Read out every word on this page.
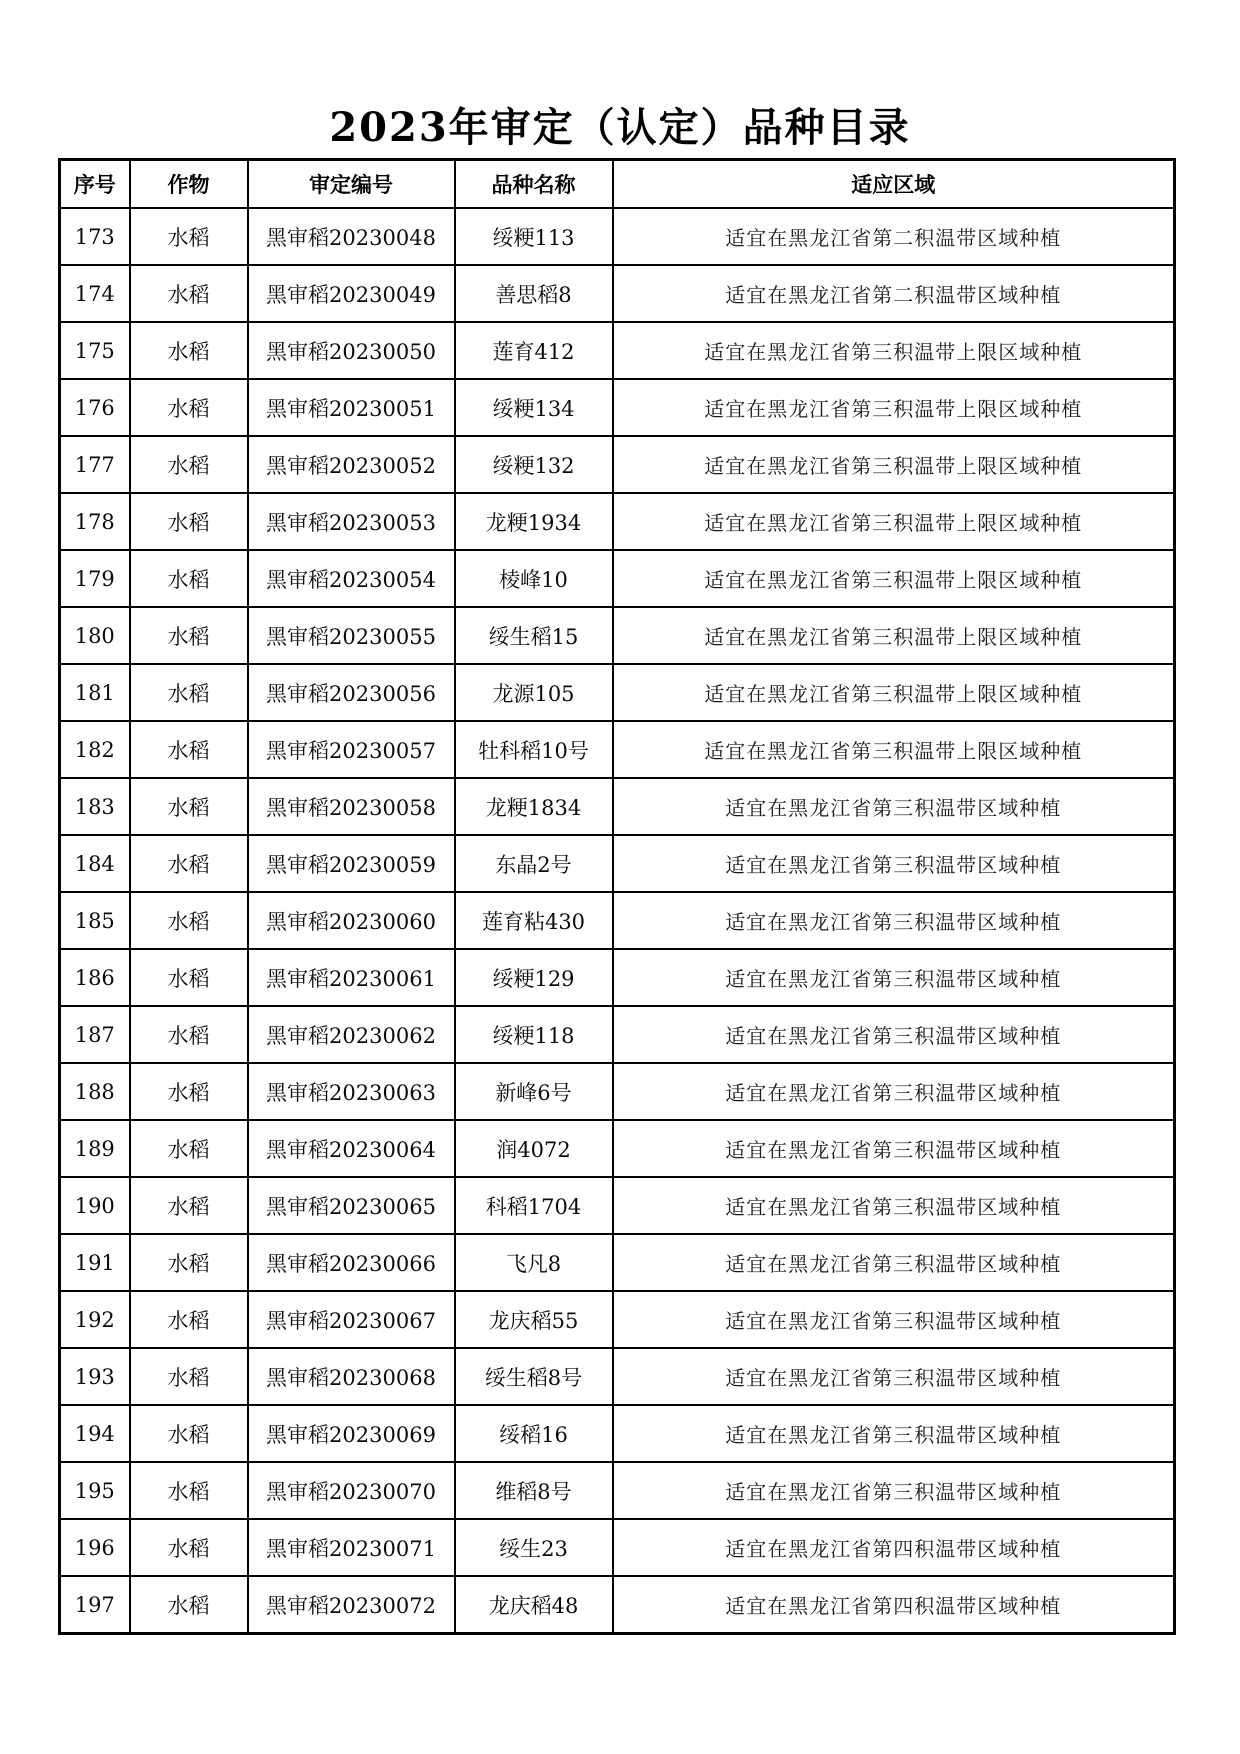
2023年审定（认定）品种目录
序号	作物	审定编号	品种名称	适应区域
173	水稻	黑审稻20230048	绥粳113	适宜在黑龙江省第二积温带区域种植
174	水稻	黑审稻20230049	善思稻8	适宜在黑龙江省第二积温带区域种植
175	水稻	黑审稻20230050	莲育412	适宜在黑龙江省第三积温带上限区域种植
176	水稻	黑审稻20230051	绥粳134	适宜在黑龙江省第三积温带上限区域种植
177	水稻	黑审稻20230052	绥粳132	适宜在黑龙江省第三积温带上限区域种植
178	水稻	黑审稻20230053	龙粳1934	适宜在黑龙江省第三积温带上限区域种植
179	水稻	黑审稻20230054	棱峰10	适宜在黑龙江省第三积温带上限区域种植
180	水稻	黑审稻20230055	绥生稻15	适宜在黑龙江省第三积温带上限区域种植
181	水稻	黑审稻20230056	龙源105	适宜在黑龙江省第三积温带上限区域种植
182	水稻	黑审稻20230057	牡科稻10号	适宜在黑龙江省第三积温带上限区域种植
183	水稻	黑审稻20230058	龙粳1834	适宜在黑龙江省第三积温带区域种植
184	水稻	黑审稻20230059	东晶2号	适宜在黑龙江省第三积温带区域种植
185	水稻	黑审稻20230060	莲育粘430	适宜在黑龙江省第三积温带区域种植
186	水稻	黑审稻20230061	绥粳129	适宜在黑龙江省第三积温带区域种植
187	水稻	黑审稻20230062	绥粳118	适宜在黑龙江省第三积温带区域种植
188	水稻	黑审稻20230063	新峰6号	适宜在黑龙江省第三积温带区域种植
189	水稻	黑审稻20230064	润4072	适宜在黑龙江省第三积温带区域种植
190	水稻	黑审稻20230065	科稻1704	适宜在黑龙江省第三积温带区域种植
191	水稻	黑审稻20230066	飞凡8	适宜在黑龙江省第三积温带区域种植
192	水稻	黑审稻20230067	龙庆稻55	适宜在黑龙江省第三积温带区域种植
193	水稻	黑审稻20230068	绥生稻8号	适宜在黑龙江省第三积温带区域种植
194	水稻	黑审稻20230069	绥稻16	适宜在黑龙江省第三积温带区域种植
195	水稻	黑审稻20230070	维稻8号	适宜在黑龙江省第三积温带区域种植
196	水稻	黑审稻20230071	绥生23	适宜在黑龙江省第四积温带区域种植
197	水稻	黑审稻20230072	龙庆稻48	适宜在黑龙江省第四积温带区域种植
